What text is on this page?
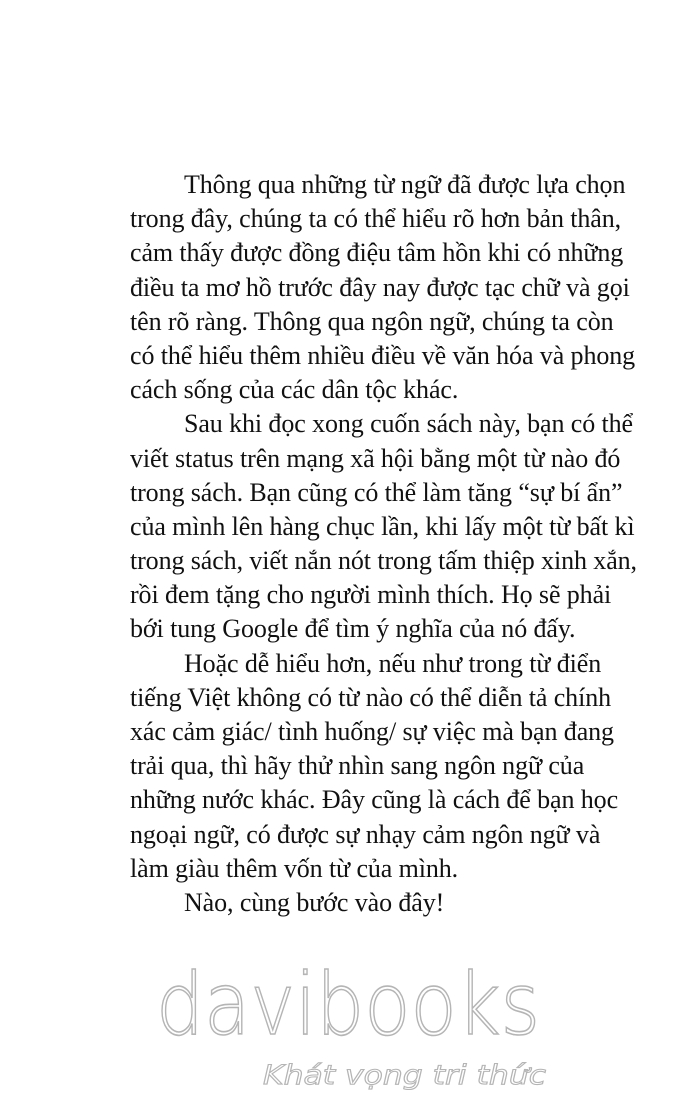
Thông qua những từ ngữ đã được lựa chọn
trong đây, chúng ta có thể hiểu rõ hơn bản thân,
cảm thấy được đồng điệu tâm hồn khi có những
điều ta mơ hồ trước đây nay được tạc chữ và gọi
tên rõ ràng. Thông qua ngôn ngữ, chúng ta còn
có thể hiểu thêm nhiều điều về văn hóa và phong
cách sống của các dân tộc khác.
Sau khi đọc xong cuốn sách này, bạn có thể
viết status trên mạng xã hội bằng một từ nào đó
trong sách. Bạn cũng có thể làm tăng “sự bí ẩn”
của mình lên hàng chục lần, khi lấy một từ bất kì
trong sách, viết nắn nót trong tấm thiệp xinh xắn,
rồi đem tặng cho người mình thích. Họ sẽ phải
bới tung Google để tìm ý nghĩa của nó đấy.
Hoặc dễ hiểu hơn, nếu như trong từ điển
tiếng Việt không có từ nào có thể diễn tả chính
xác cảm giác/ tình huống/ sự việc mà bạn đang
trải qua, thì hãy thử nhìn sang ngôn ngữ của
những nước khác. Đây cũng là cách để bạn học
ngoại ngữ, có được sự nhạy cảm ngôn ngữ và
làm giàu thêm vốn từ của mình.
Nào, cùng bước vào đây!
davibooks
Khát vọng tri thức
